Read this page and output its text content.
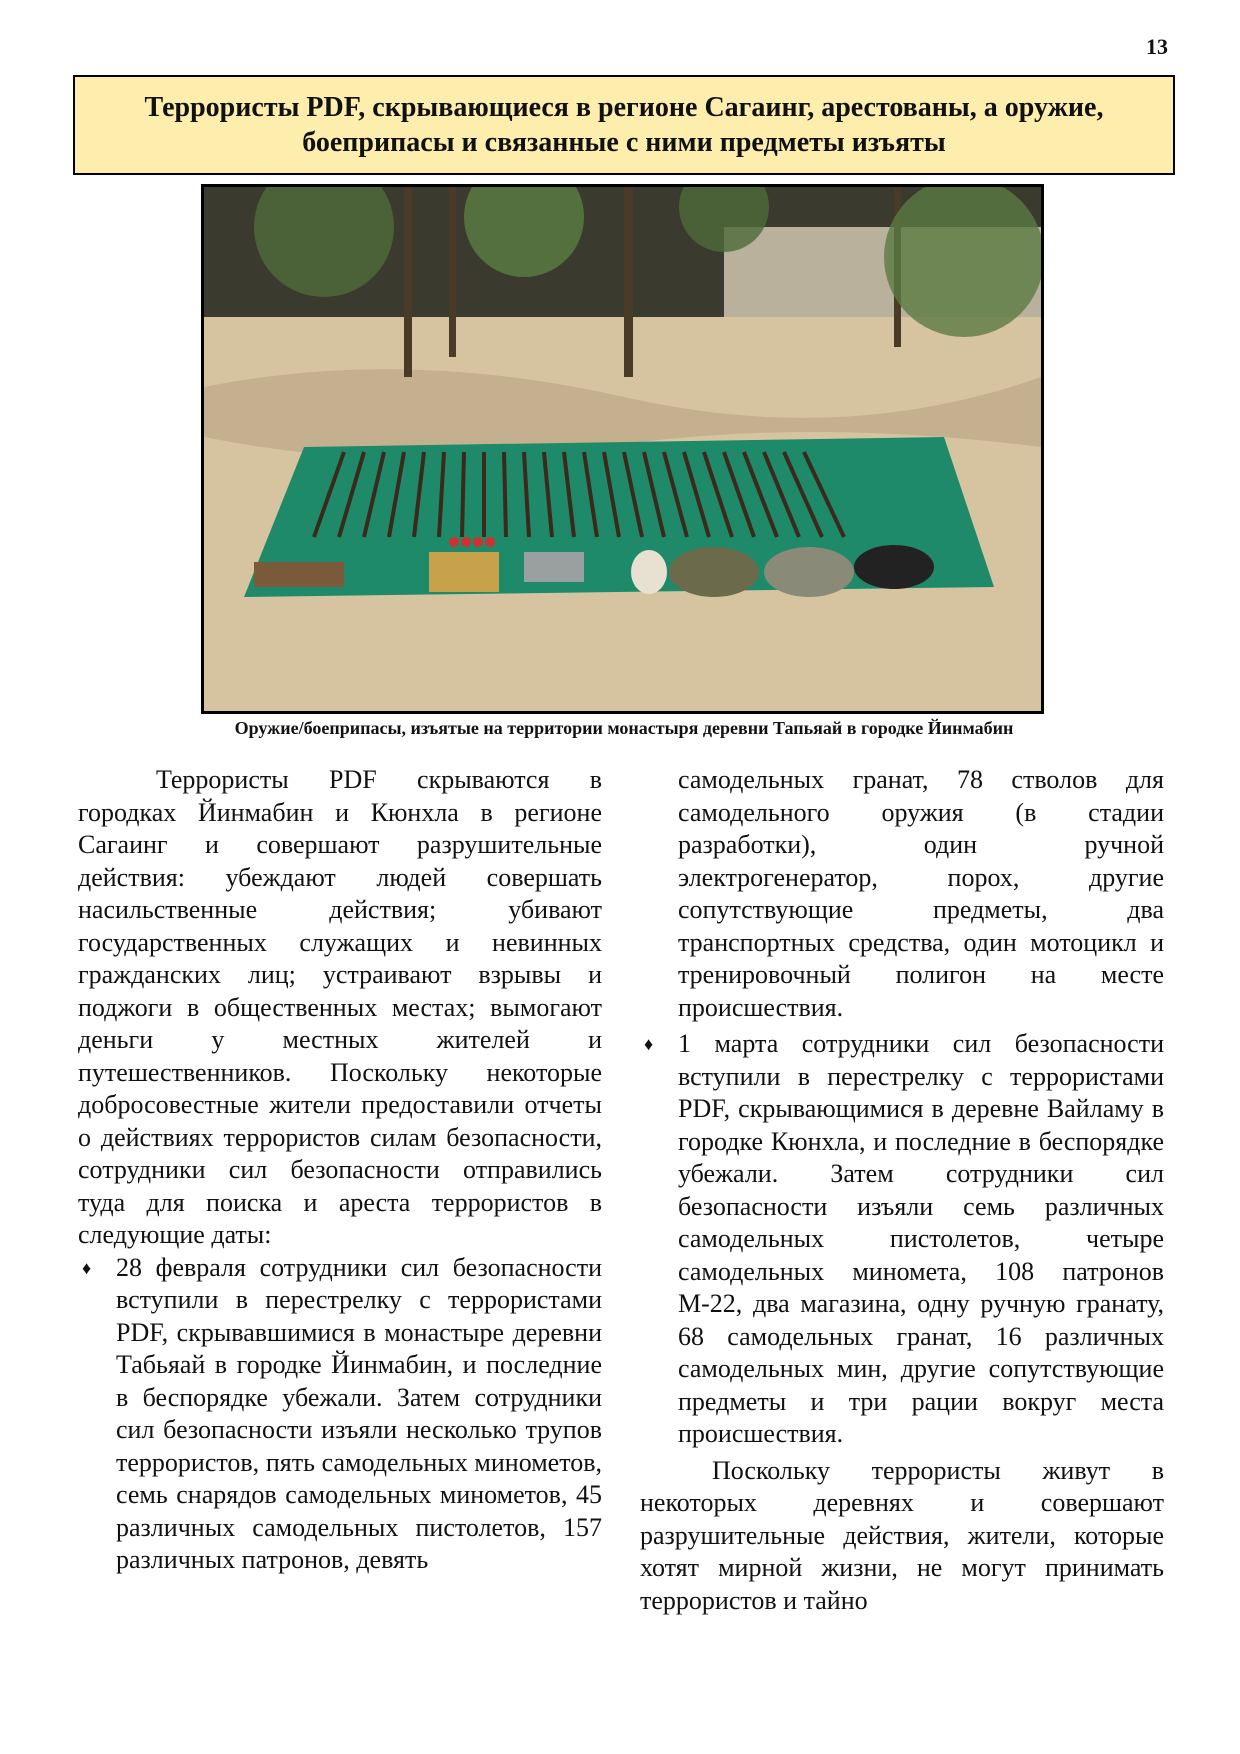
13
Террористы PDF, скрывающиеся в регионе Сагаинг, арестованы, а оружие, боеприпасы и связанные с ними предметы изъяты
Оружие/боеприпасы, изъятые на территории монастыря деревни Тапьяай в городке Йинмабин

Террористы PDF скрываются в городках Йинмабин и Кюнхла в регионе Сагаинг и совершают разрушительные действия: убеждают людей совершать насильственные действия; убивают государственных служащих и невинных гражданских лиц; устраивают взрывы и поджоги в общественных местах; вымогают деньги у местных жителей и путешественников. Поскольку некоторые добросовестные жители предоставили отчеты о действиях террористов силам безопасности, сотрудники сил безопасности отправились туда для поиска и ареста террористов в следующие даты:

♦ 28 февраля сотрудники сил безопасности вступили в перестрелку с террористами PDF, скрывавшимися в монастыре деревни Табьяай в городке Йинмабин, и последние в беспорядке убежали. Затем сотрудники сил безопасности изъяли несколько трупов террористов, пять самодельных минометов, семь снарядов самодельных минометов, 45 различных самодельных пистолетов, 157 различных патронов, девять

самодельных гранат, 78 стволов для самодельного оружия (в стадии разработки), один ручной электрогенератор, порох, другие сопутствующие предметы, два транспортных средства, один мотоцикл и тренировочный полигон на месте происшествия.

♦ 1 марта сотрудники сил безопасности вступили в перестрелку с террористами PDF, скрывающимися в деревне Вайламу в городке Кюнхла, и последние в беспорядке убежали. Затем сотрудники сил безопасности изъяли семь различных самодельных пистолетов, четыре самодельных миномета, 108 патронов М-22, два магазина, одну ручную гранату, 68 самодельных гранат, 16 различных самодельных мин, другие сопутствующие предметы и три рации вокруг места происшествия.

Поскольку террористы живут в некоторых деревнях и совершают разрушительные действия, жители, которые хотят мирной жизни, не могут принимать террористов и тайно
